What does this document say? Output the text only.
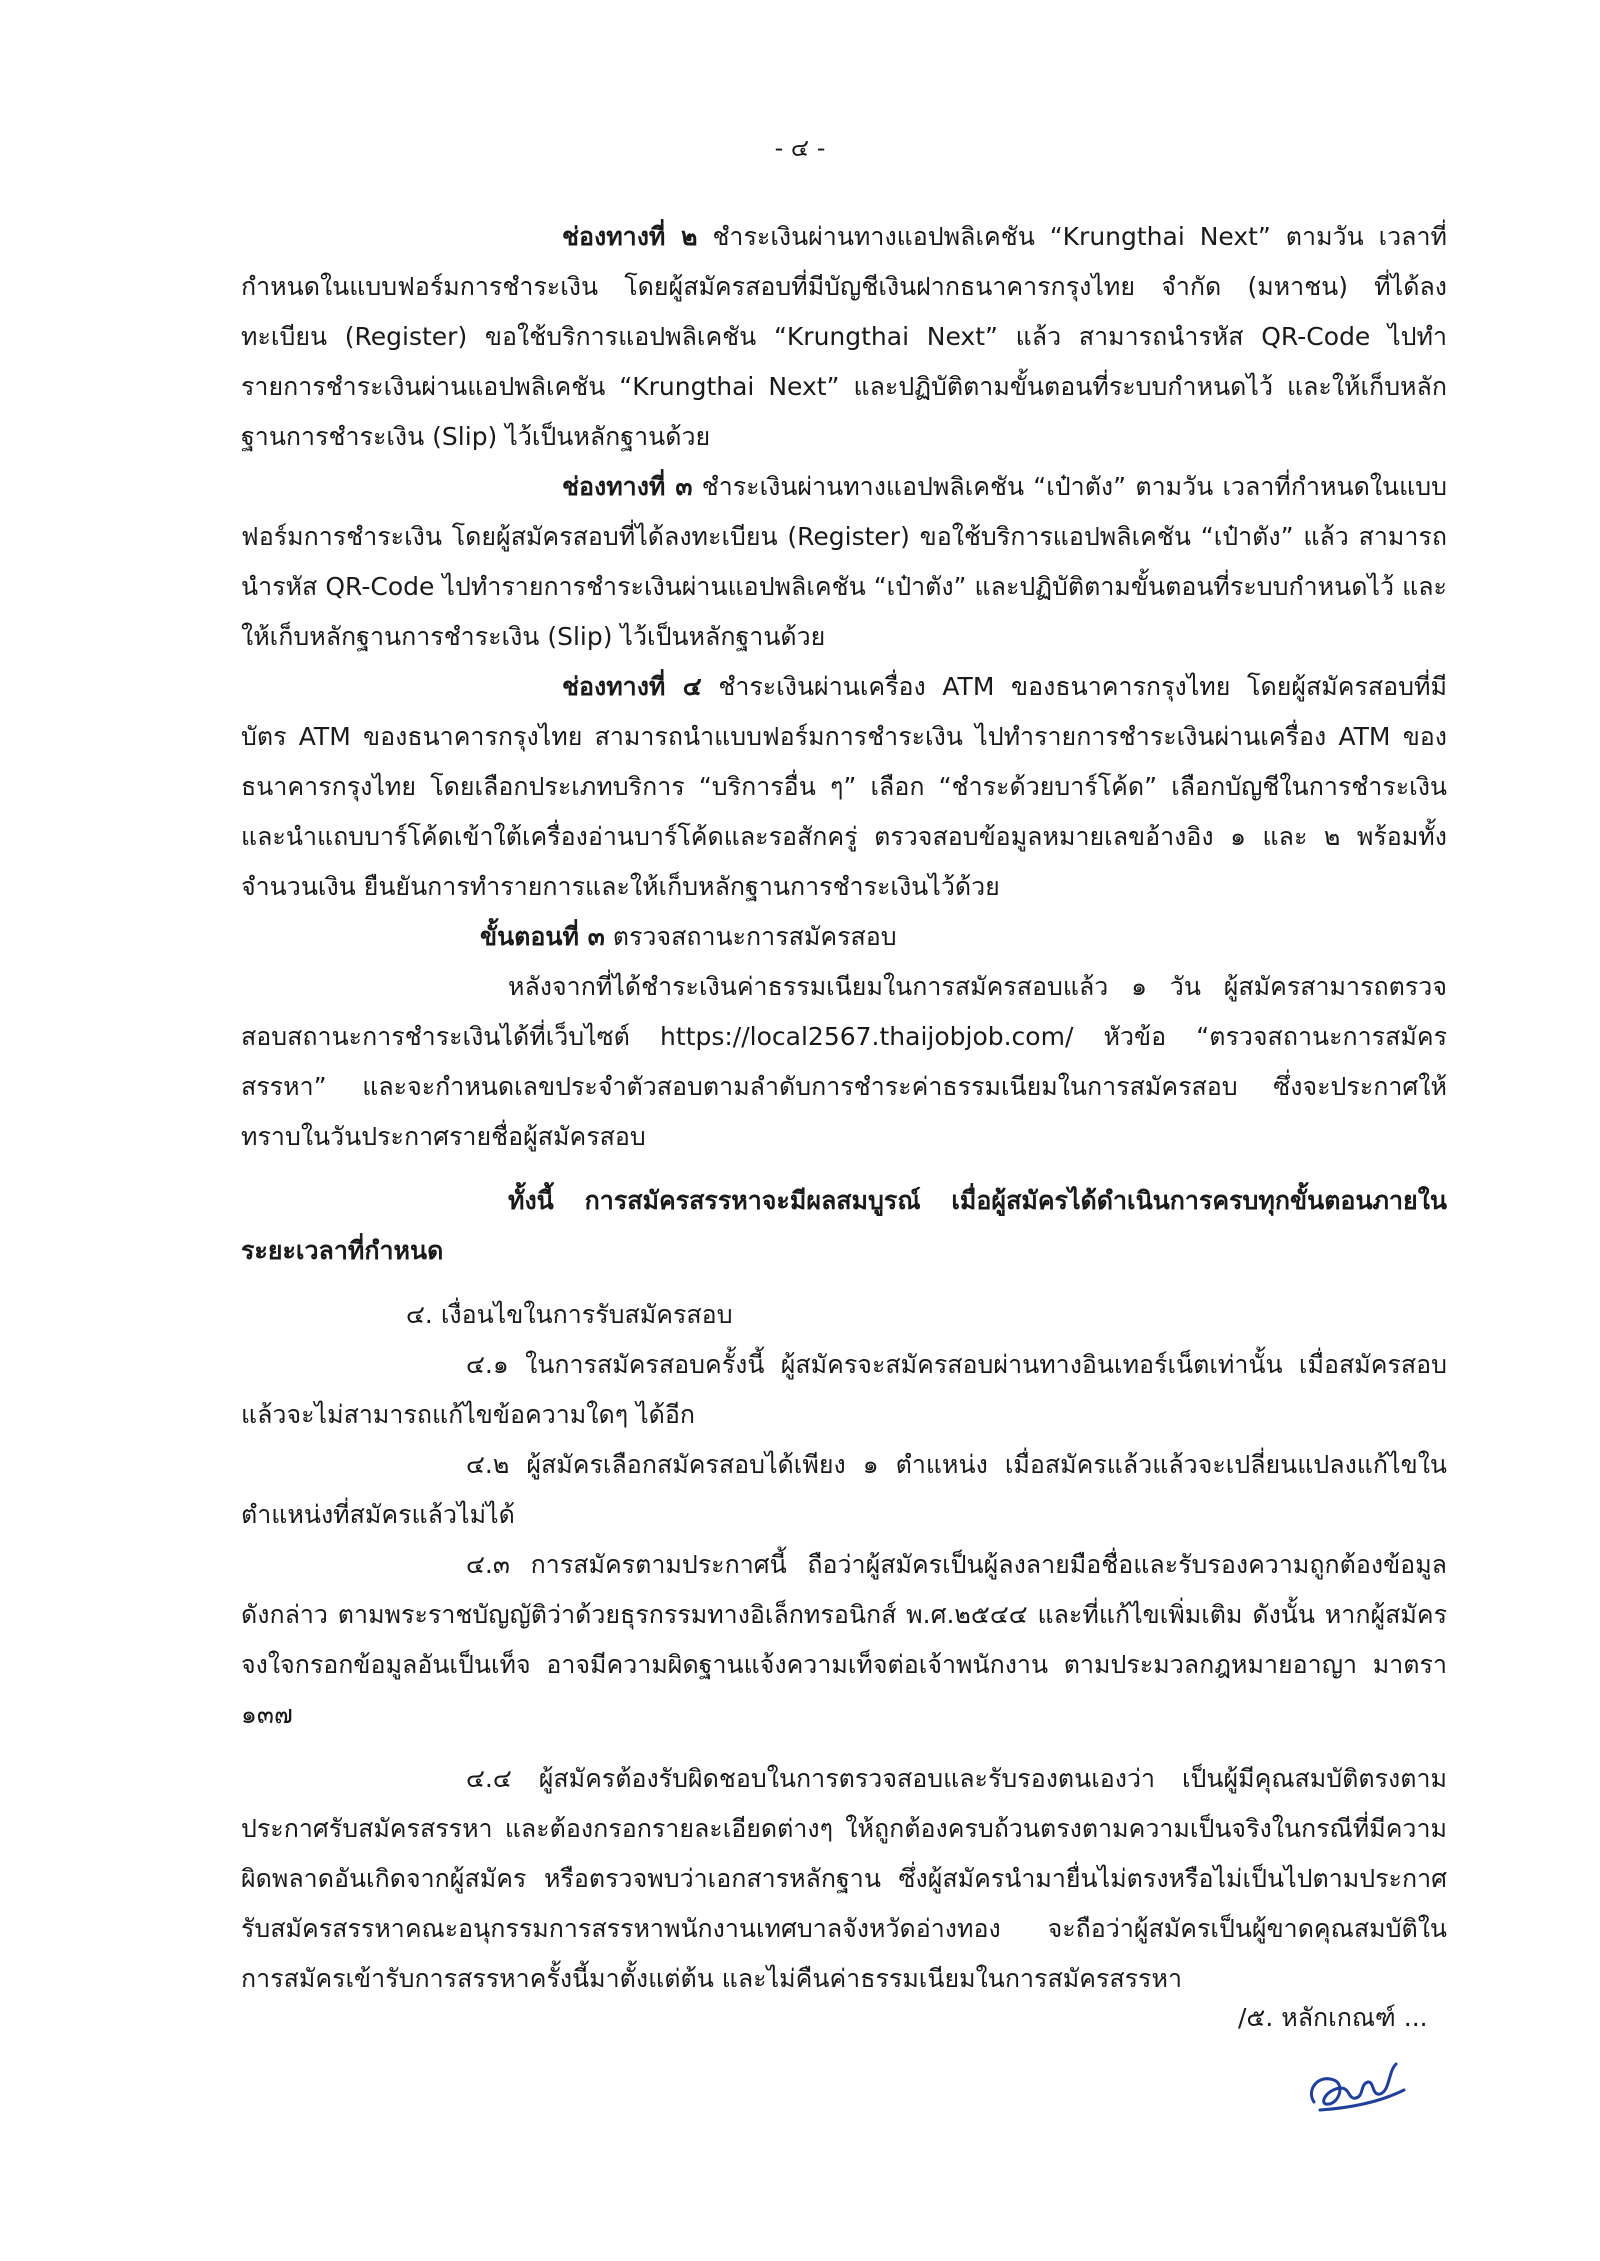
- ๔ -

ช่องทางที่ ๒ ชำระเงินผ่านทางแอปพลิเคชัน “Krungthai Next” ตามวัน เวลาที่กำหนดในแบบฟอร์มการชำระเงิน โดยผู้สมัครสอบที่มีบัญชีเงินฝากธนาคารกรุงไทย จำกัด (มหาชน) ที่ได้ลงทะเบียน (Register) ขอใช้บริการแอปพลิเคชัน “Krungthai Next” แล้ว สามารถนำรหัส QR-Code ไปทำรายการชำระเงินผ่านแอปพลิเคชัน “Krungthai Next” และปฏิบัติตามขั้นตอนที่ระบบกำหนดไว้ และให้เก็บหลักฐานการชำระเงิน (Slip) ไว้เป็นหลักฐานด้วย

ช่องทางที่ ๓ ชำระเงินผ่านทางแอปพลิเคชัน “เป๋าตัง” ตามวัน เวลาที่กำหนดในแบบฟอร์มการชำระเงิน โดยผู้สมัครสอบที่ได้ลงทะเบียน (Register) ขอใช้บริการแอปพลิเคชัน “เป๋าตัง” แล้ว สามารถนำรหัส QR-Code ไปทำรายการชำระเงินผ่านแอปพลิเคชัน “เป๋าตัง” และปฏิบัติตามขั้นตอนที่ระบบกำหนดไว้ และให้เก็บหลักฐานการชำระเงิน (Slip) ไว้เป็นหลักฐานด้วย

ช่องทางที่ ๔ ชำระเงินผ่านเครื่อง ATM ของธนาคารกรุงไทย โดยผู้สมัครสอบที่มีบัตร ATM ของธนาคารกรุงไทย สามารถนำแบบฟอร์มการชำระเงิน ไปทำรายการชำระเงินผ่านเครื่อง ATM ของธนาคารกรุงไทย โดยเลือกประเภทบริการ “บริการอื่น ๆ” เลือก “ชำระด้วยบาร์โค้ด” เลือกบัญชีในการชำระเงิน และนำแถบบาร์โค้ดเข้าใต้เครื่องอ่านบาร์โค้ดและรอสักครู่ ตรวจสอบข้อมูลหมายเลขอ้างอิง ๑ และ ๒ พร้อมทั้งจำนวนเงิน ยืนยันการทำรายการและให้เก็บหลักฐานการชำระเงินไว้ด้วย

ขั้นตอนที่ ๓ ตรวจสถานะการสมัครสอบ

หลังจากที่ได้ชำระเงินค่าธรรมเนียมในการสมัครสอบแล้ว ๑ วัน ผู้สมัครสามารถตรวจสอบสถานะการชำระเงินได้ที่เว็บไซต์ https://local2567.thaijobjob.com/ หัวข้อ “ตรวจสถานะการสมัครสรรหา” และจะกำหนดเลขประจำตัวสอบตามลำดับการชำระค่าธรรมเนียมในการสมัครสอบ ซึ่งจะประกาศให้ทราบในวันประกาศรายชื่อผู้สมัครสอบ

ทั้งนี้ การสมัครสรรหาจะมีผลสมบูรณ์ เมื่อผู้สมัครได้ดำเนินการครบทุกขั้นตอนภายในระยะเวลาที่กำหนด

๔. เงื่อนไขในการรับสมัครสอบ

๔.๑ ในการสมัครสอบครั้งนี้ ผู้สมัครจะสมัครสอบผ่านทางอินเทอร์เน็ตเท่านั้น เมื่อสมัครสอบแล้วจะไม่สามารถแก้ไขข้อความใดๆ ได้อีก

๔.๒ ผู้สมัครเลือกสมัครสอบได้เพียง ๑ ตำแหน่ง เมื่อสมัครแล้วแล้วจะเปลี่ยนแปลงแก้ไขในตำแหน่งที่สมัครแล้วไม่ได้

๔.๓ การสมัครตามประกาศนี้ ถือว่าผู้สมัครเป็นผู้ลงลายมือชื่อและรับรองความถูกต้องข้อมูลดังกล่าว ตามพระราชบัญญัติว่าด้วยธุรกรรมทางอิเล็กทรอนิกส์ พ.ศ.๒๕๔๔ และที่แก้ไขเพิ่มเติม ดังนั้น หากผู้สมัครจงใจกรอกข้อมูลอันเป็นเท็จ อาจมีความผิดฐานแจ้งความเท็จต่อเจ้าพนักงาน ตามประมวลกฎหมายอาญา มาตรา ๑๓๗

๔.๔ ผู้สมัครต้องรับผิดชอบในการตรวจสอบและรับรองตนเองว่า เป็นผู้มีคุณสมบัติตรงตามประกาศรับสมัครสรรหา และต้องกรอกรายละเอียดต่างๆ ให้ถูกต้องครบถ้วนตรงตามความเป็นจริงในกรณีที่มีความผิดพลาดอันเกิดจากผู้สมัคร หรือตรวจพบว่าเอกสารหลักฐาน ซึ่งผู้สมัครนำมายื่นไม่ตรงหรือไม่เป็นไปตามประกาศรับสมัครสรรหาคณะอนุกรรมการสรรหาพนักงานเทศบาลจังหวัดอ่างทอง จะถือว่าผู้สมัครเป็นผู้ขาดคุณสมบัติในการสมัครเข้ารับการสรรหาครั้งนี้มาตั้งแต่ต้น และไม่คืนค่าธรรมเนียมในการสมัครสรรหา

/๕. หลักเกณฑ์ ...
